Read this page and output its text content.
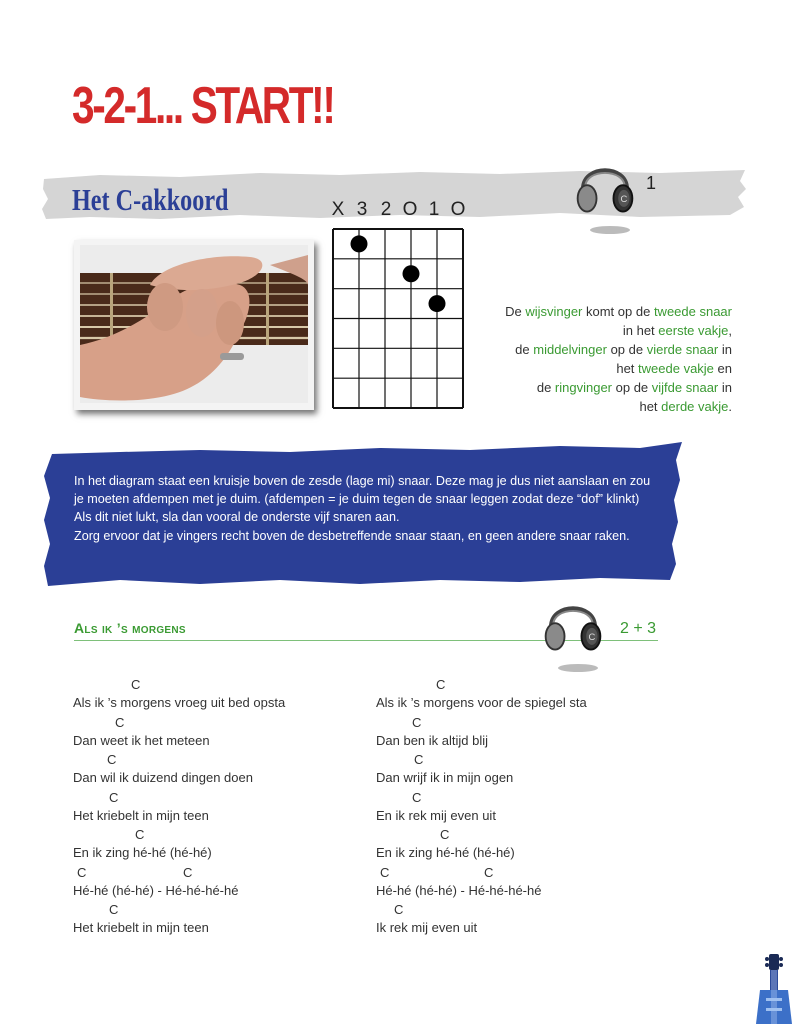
3-2-1... START!!
Het C-akkoord	X 3 2 O 1 O
C
1
De wijsvinger komt op de tweede snaar
in het eerste vakje,
de middelvinger op de vierde snaar in
het tweede vakje en
de ringvinger op de vijfde snaar in
het derde vakje.

In het diagram staat een kruisje boven de zesde (lage mi) snaar. Deze mag je dus niet aanslaan en zou je moeten afdempen met je duim. (afdempen = je duim tegen de snaar leggen zodat deze “dof” klinkt) Als dit niet lukt, sla dan vooral de onderste vijf snaren aan.

Zorg ervoor dat je vingers recht boven de desbetreffende snaar staan, en geen andere snaar raken.

Als ik ’s morgens
C 2 + 3
C
Als ik ’s morgens vroeg uit bed opsta
C
Dan weet ik het meteen
C
Dan wil ik duizend dingen doen
C
Het kriebelt in mijn teen
C
En ik zing hé-hé (hé-hé)
C	C
Hé-hé (hé-hé) - Hé-hé-hé-hé
C
Het kriebelt in mijn teen
C
Als ik ’s morgens voor de spiegel sta
C
Dan ben ik altijd blij
C
Dan wrijf ik in mijn ogen
C
En ik rek mij even uit
C
En ik zing hé-hé (hé-hé)
C	C
Hé-hé (hé-hé) - Hé-hé-hé-hé
C
Ik rek mij even uit
